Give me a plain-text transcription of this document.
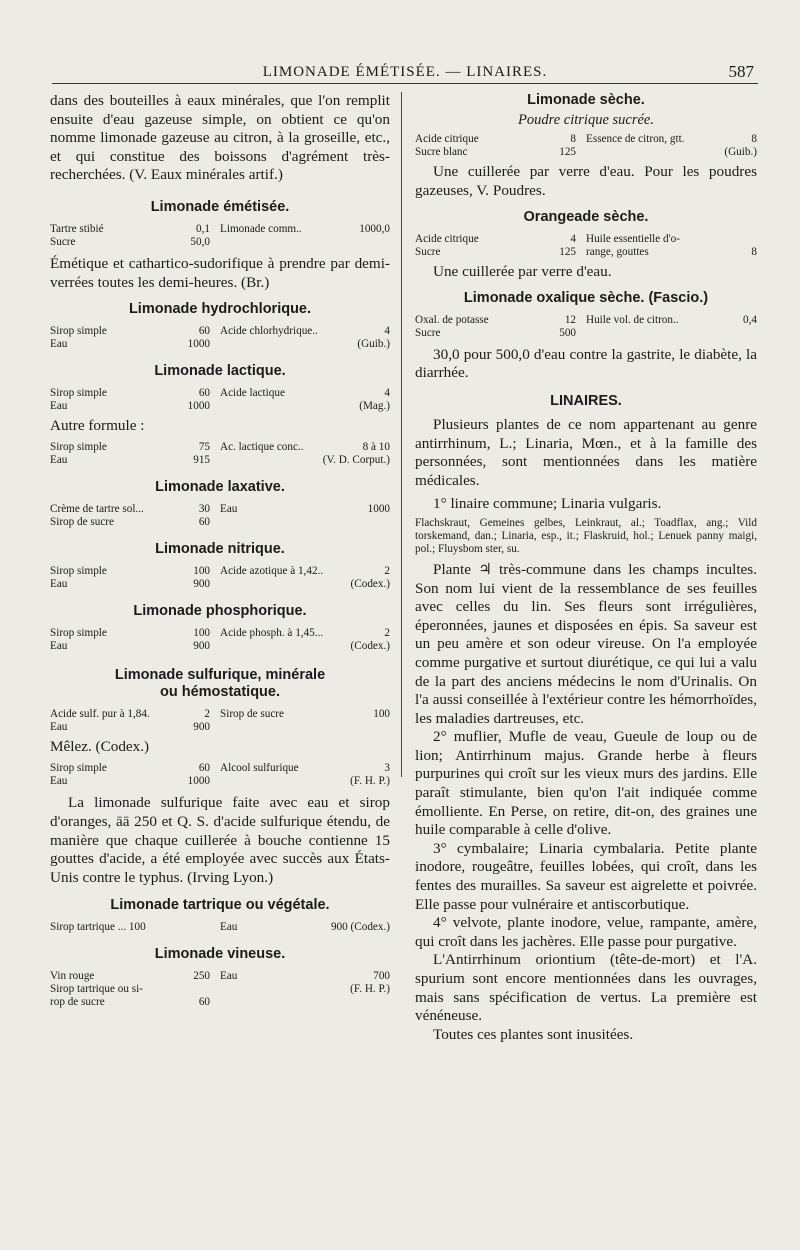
LIMONADE ÉMÉTISÉE. — LINAIRES.	587

dans des bouteilles à eaux minérales, que l'on remplit ensuite d'eau gazeuse simple, on obtient ce qu'on nomme limonade gazeuse au citron, à la groseille, etc., et qui constitue des boissons d'agrément très-recherchées. (V. Eaux minérales artif.)

Limonade émétisée.
Tartre stibié	0,1 Limonade comm..	1000,0
Sucre	50,0

Émétique et cathartico-sudorifique à prendre par demi-verrées toutes les demi-heures. (Br.)

Limonade hydrochlorique.
Sirop simple	60 Acide chlorhydrique..	4
Eau	1000	(Guib.)
Limonade lactique.
Sirop simple	60 Acide lactique	4
Eau	1000	(Mag.)

Autre formule :

Sirop simple	75 Ac. lactique conc..	8 à 10
Eau	915	(V. D. Corput.)
Limonade laxative.
Crème de tartre sol...	30 Eau	1000
Sirop de sucre	60
Limonade nitrique.
Sirop simple	100 Acide azotique à 1,42..	2
Eau	900	(Codex.)
Limonade phosphorique.
Sirop simple	100 Acide phosph. à 1,45...	2
Eau	900	(Codex.)
Limonade sulfurique, minérale
ou hémostatique.
Acide sulf. pur à 1,84.	2 Sirop de sucre	100
Eau	900

Mêlez. (Codex.)

Sirop simple	60 Alcool sulfurique	3
Eau	1000	(F. H. P.)

La limonade sulfurique faite avec eau et sirop d'oranges, āā 250 et Q. S. d'acide sulfurique étendu, de manière que chaque cuillerée à bouche contienne 15 gouttes d'acide, a été employée avec succès aux États-Unis contre le typhus. (Irving Lyon.)

Limonade tartrique ou végétale.
Sirop tartrique ... 100	Eau	900 (Codex.)
Limonade vineuse.
Vin rouge	250 Eau	700
Sirop tartrique ou si-	(F. H. P.)
rop de sucre	60
Limonade sèche.
Poudre citrique sucrée.
Acide citrique	8 Essence de citron, gtt.	8
Sucre blanc	125	(Guib.)

Une cuillerée par verre d'eau. Pour les poudres gazeuses, V. Poudres.

Orangeade sèche.
Acide citrique	4 Huile essentielle d'o-
Sucre	125 range, gouttes	8

Une cuillerée par verre d'eau.

Limonade oxalique sèche. (Fascio.)
Oxal. de potasse	12 Huile vol. de citron..	0,4
Sucre	500

30,0 pour 500,0 d'eau contre la gastrite, le diabète, la diarrhée.

LINAIRES.

Plusieurs plantes de ce nom appartenant au genre antirrhinum, L.; Linaria, Mœn., et à la famille des personnées, sont mentionnées dans les matière médicales.

1° linaire commune; Linaria vulgaris.

Flachskraut, Gemeines gelbes, Leinkraut, al.; Toadflax, ang.; Vild torskemand, dan.; Linaria, esp., it.; Flaskruid, hol.; Lenuek panny maigi, pol.; Fluysbom ster, su.

Plante ♃ très-commune dans les champs incultes. Son nom lui vient de la ressemblance de ses feuilles avec celles du lin. Ses fleurs sont irrégulières, éperonnées, jaunes et disposées en épis. Sa saveur est un peu amère et son odeur vireuse. On l'a employée comme purgative et surtout diurétique, ce qui lui a valu de la part des anciens médecins le nom d'Urinalis. On l'a aussi conseillée à l'extérieur contre les hémorrhoïdes, les maladies dartreuses, etc.

2° muflier, Mufle de veau, Gueule de loup ou de lion; Antirrhinum majus. Grande herbe à fleurs purpurines qui croît sur les vieux murs des jardins. Elle paraît stimulante, bien qu'on l'ait indiquée comme émolliente. En Perse, on retire, dit-on, des graines une huile comparable à celle d'olive.

3° cymbalaire; Linaria cymbalaria. Petite plante inodore, rougeâtre, feuilles lobées, qui croît, dans les fentes des murailles. Sa saveur est aigrelette et poivrée. Elle passe pour vulnéraire et antiscorbutique.

4° velvote, plante inodore, velue, rampante, amère, qui croît dans les jachères. Elle passe pour purgative.

L'Antirrhinum oriontium (tête-de-mort) et l'A. spurium sont encore mentionnées dans les ouvrages, mais sans spécification de vertus. La première est vénéneuse.

Toutes ces plantes sont inusitées.
